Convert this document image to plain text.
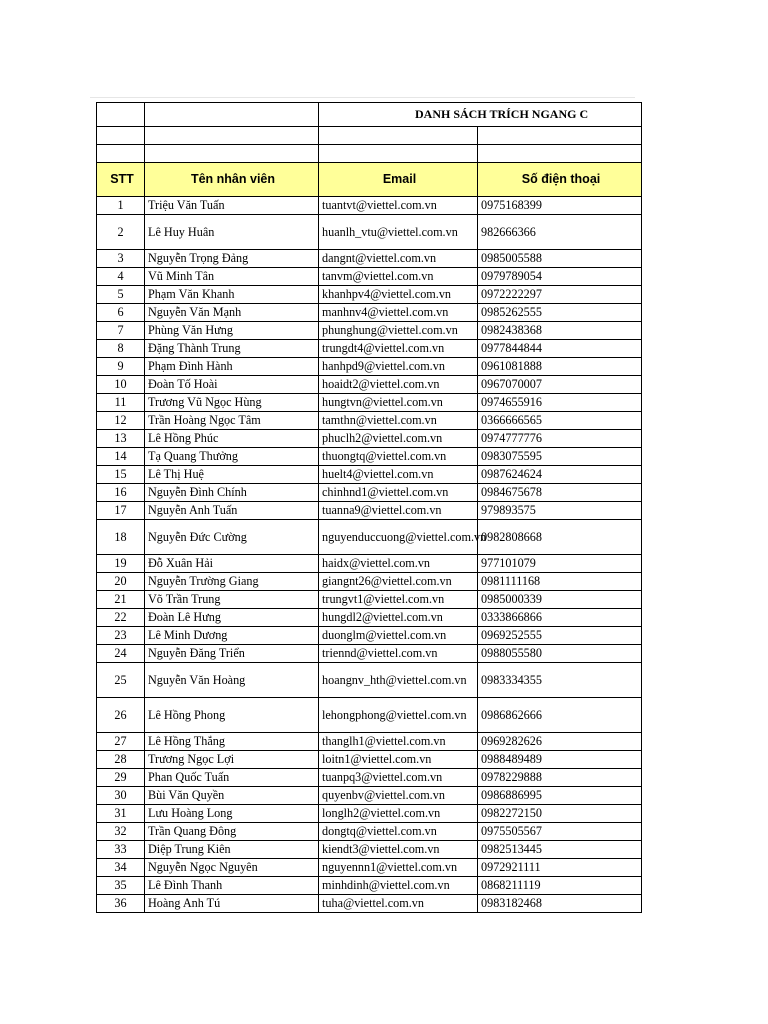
		DANH SÁCH TRÍCH NGANG C	

STT	Tên nhân viên	Email	Số điện thoại
1	Triệu Văn Tuấn	tuantvt@viettel.com.vn	0975168399
2	Lê Huy Huân	huanlh_vtu@viettel.com.vn	982666366
3	Nguyễn Trọng Đảng	dangnt@viettel.com.vn	0985005588
4	Vũ Minh Tân	tanvm@viettel.com.vn	0979789054
5	Phạm Văn Khanh	khanhpv4@viettel.com.vn	0972222297
6	Nguyễn Văn Mạnh	manhnv4@viettel.com.vn	0985262555
7	Phùng Văn Hưng	phunghung@viettel.com.vn	0982438368
8	Đặng Thành Trung	trungdt4@viettel.com.vn	0977844844
9	Phạm Đình Hành	hanhpd9@viettel.com.vn	0961081888
10	Đoàn Tố Hoài	hoaidt2@viettel.com.vn	0967070007
11	Trương Vũ Ngọc Hùng	hungtvn@viettel.com.vn	0974655916
12	Trần Hoàng Ngọc Tâm	tamthn@viettel.com.vn	0366666565
13	Lê Hồng Phúc	phuclh2@viettel.com.vn	0974777776
14	Tạ Quang Thưởng	thuongtq@viettel.com.vn	0983075595
15	Lê Thị Huệ	huelt4@viettel.com.vn	0987624624
16	Nguyễn Đình Chính	chinhnd1@viettel.com.vn	0984675678
17	Nguyễn Anh Tuấn	tuanna9@viettel.com.vn	979893575
18	Nguyễn Đức Cường	nguyenduccuong@viettel.com.vn	0982808668
19	Đỗ Xuân Hải	haidx@viettel.com.vn	977101079
20	Nguyễn Trường Giang	giangnt26@viettel.com.vn	0981111168
21	Võ Trần Trung	trungvt1@viettel.com.vn	0985000339
22	Đoàn Lê Hưng	hungdl2@viettel.com.vn	0333866866
23	Lê Minh Dương	duonglm@viettel.com.vn	0969252555
24	Nguyễn Đăng Triển	triennd@viettel.com.vn	0988055580
25	Nguyễn Văn Hoàng	hoangnv_hth@viettel.com.vn	0983334355
26	Lê Hồng Phong	lehongphong@viettel.com.vn	0986862666
27	Lê Hồng Thắng	thanglh1@viettel.com.vn	0969282626
28	Trương Ngọc Lợi	loitn1@viettel.com.vn	0988489489
29	Phan Quốc Tuấn	tuanpq3@viettel.com.vn	0978229888
30	Bùi Văn Quyền	quyenbv@viettel.com.vn	0986886995
31	Lưu Hoàng Long	longlh2@viettel.com.vn	0982272150
32	Trần Quang Đông	dongtq@viettel.com.vn	0975505567
33	Diệp Trung Kiên	kiendt3@viettel.com.vn	0982513445
34	Nguyễn Ngọc Nguyên	nguyennn1@viettel.com.vn	0972921111
35	Lê Đình Thanh	minhdinh@viettel.com.vn	0868211119
36	Hoàng Anh Tú	tuha@viettel.com.vn	0983182468
